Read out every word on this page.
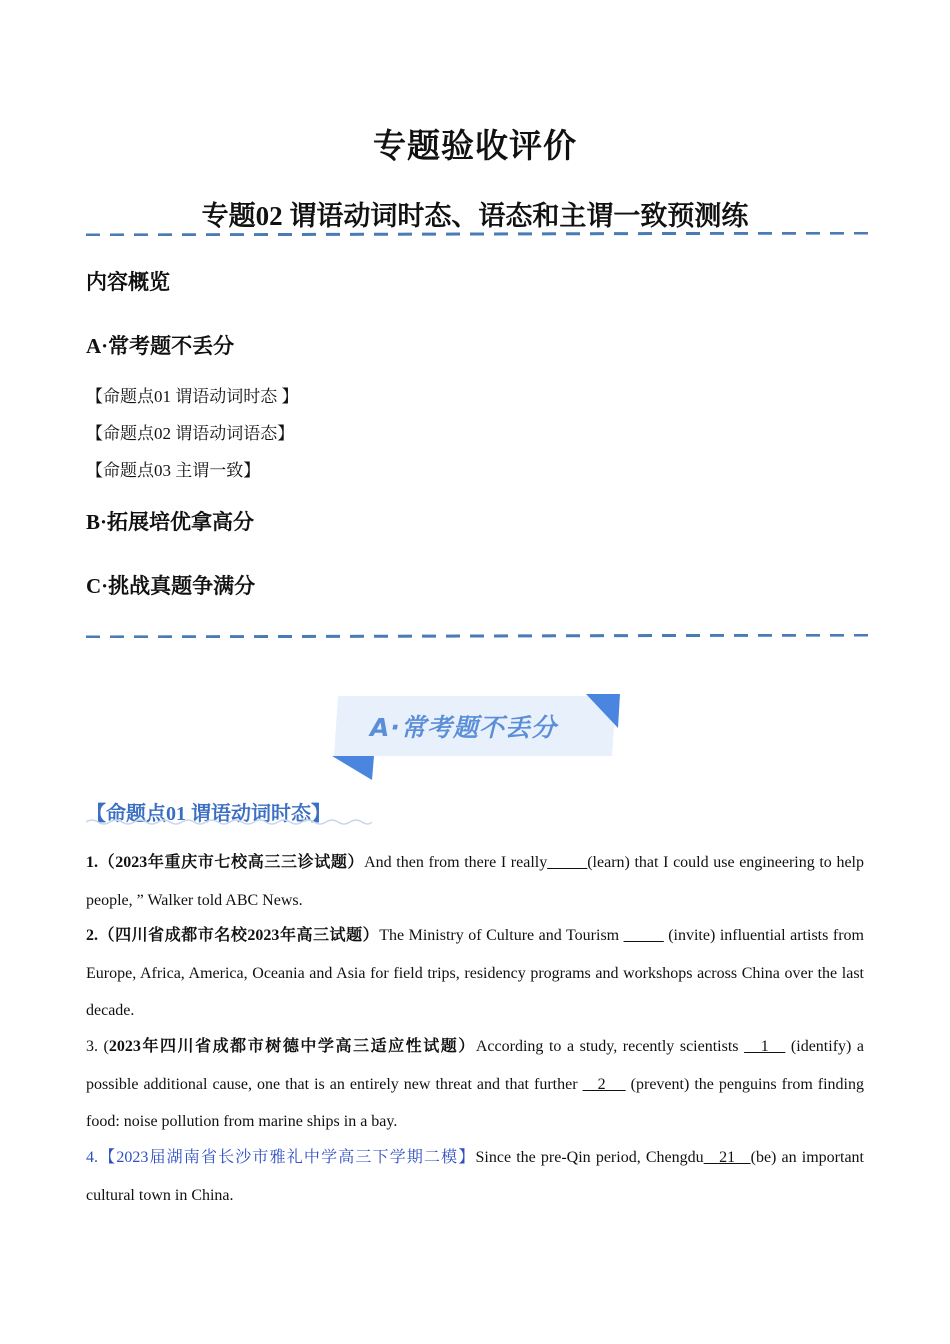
专题验收评价
专题02 谓语动词时态、语态和主谓一致预测练
内容概览
A·常考题不丢分
【命题点01 谓语动词时态 】
【命题点02 谓语动词语态】
【命题点03 主谓一致】
B·拓展培优拿高分
C·挑战真题争满分
A·常考题不丢分
【命题点01 谓语动词时态】
1.（2023年重庆市七校高三三诊试题）And then from there I really_____(learn) that I could use engineering to help people, ” Walker told ABC News.
2.（四川省成都市名校2023年高三试题）The Ministry of Culture and Tourism _____ (invite) influential artists from Europe, Africa, America, Oceania and Asia for field trips, residency programs and workshops across China over the last decade.
3. (2023年四川省成都市树德中学高三适应性试题）According to a study, recently scientists    1    (identify) a possible additional cause, one that is an entirely new threat and that further    2     (prevent) the penguins from finding food: noise pollution from marine ships in a bay.
4.【2023届湖南省长沙市雅礼中学高三下学期二模】Since the pre-Qin period, Chengdu   21   (be) an important cultural town in China.
